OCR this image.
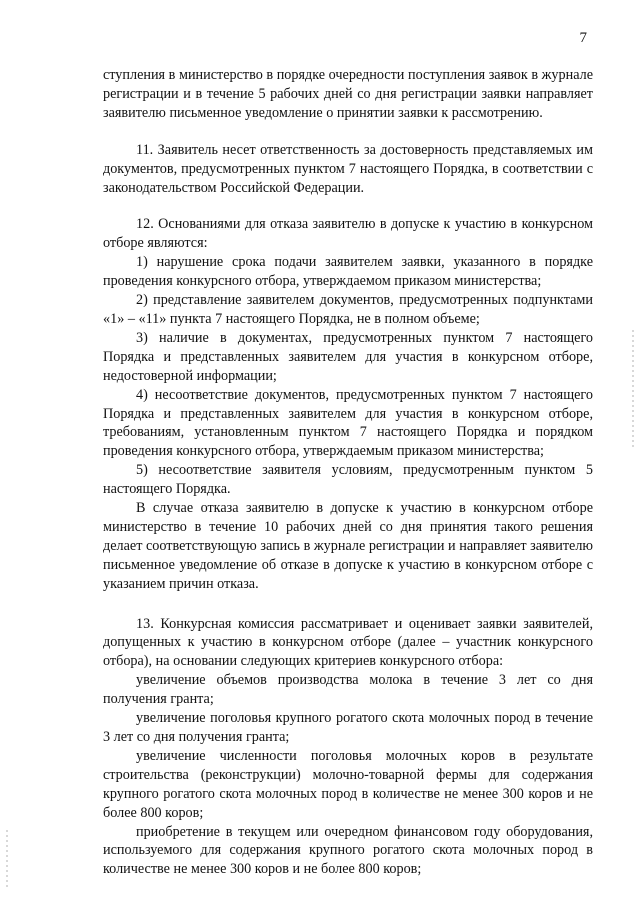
7

ступления в министерство в порядке очередности поступления заявок в журнале регистрации и в течение 5 рабочих дней со дня регистрации заявки направляет заявителю письменное уведомление о принятии заявки к рассмотрению.

11. Заявитель несет ответственность за достоверность представляемых им документов, предусмотренных пунктом 7 настоящего Порядка, в соответствии с законодательством Российской Федерации.

12. Основаниями для отказа заявителю в допуске к участию в конкурсном отборе являются:

1) нарушение срока подачи заявителем заявки, указанного в порядке проведения конкурсного отбора, утверждаемом приказом министерства;

2) представление заявителем документов, предусмотренных подпунктами «1» – «11» пункта 7 настоящего Порядка, не в полном объеме;

3) наличие в документах, предусмотренных пунктом 7 настоящего Порядка и представленных заявителем для участия в конкурсном отборе, недостоверной информации;

4) несоответствие документов, предусмотренных пунктом 7 настоящего Порядка и представленных заявителем для участия в конкурсном отборе, требованиям, установленным пунктом 7 настоящего Порядка и порядком проведения конкурсного отбора, утверждаемым приказом министерства;

5) несоответствие заявителя условиям, предусмотренным пунктом 5 настоящего Порядка.

В случае отказа заявителю в допуске к участию в конкурсном отборе министерство в течение 10 рабочих дней со дня принятия такого решения делает соответствующую запись в журнале регистрации и направляет заявителю письменное уведомление об отказе в допуске к участию в конкурсном отборе с указанием причин отказа.

13. Конкурсная комиссия рассматривает и оценивает заявки заявителей, допущенных к участию в конкурсном отборе (далее – участник конкурсного отбора), на основании следующих критериев конкурсного отбора:

увеличение объемов производства молока в течение 3 лет со дня получения гранта;

увеличение поголовья крупного рогатого скота молочных пород в течение 3 лет со дня получения гранта;

увеличение численности поголовья молочных коров в результате строительства (реконструкции) молочно-товарной фермы для содержания крупного рогатого скота молочных пород в количестве не менее 300 коров и не более 800 коров;

приобретение в текущем или очередном финансовом году оборудования, используемого для содержания крупного рогатого скота молочных пород в количестве не менее 300 коров и не более 800 коров;
